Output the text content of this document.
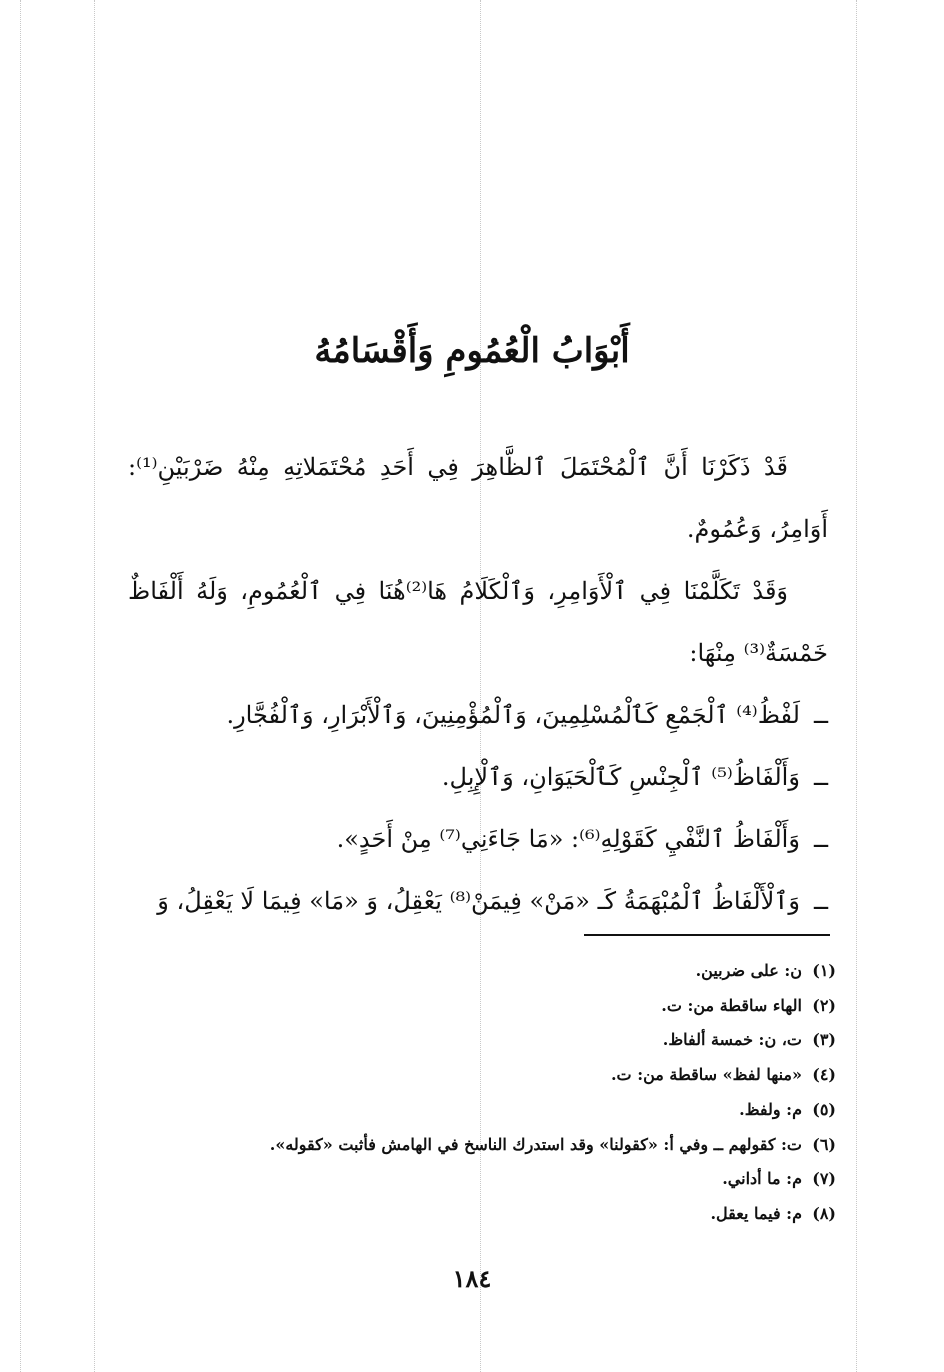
أَبْوَابُ الْعُمُومِ وَأَقْسَامُهُ

قَدْ ذَكَرْنَا أَنَّ ٱلْمُحْتَمَلَ ٱلظَّاهِرَ فِي أَحَدِ مُحْتَمَلاتِهِ مِنْهُ ضَرْبَيْنِ⁽¹⁾: أَوَامِرُ، وَعُمُومٌ.

وَقَدْ تَكَلَّمْنَا فِي ٱلْأَوَامِرِ، وَٱلْكَلَامُ هَا⁽²⁾هُنَا فِي ٱلْعُمُومِ، وَلَهُ أَلْفَاظٌ خَمْسَةٌ⁽³⁾ مِنْهَا:

ــلَفْظُ⁽⁴⁾ ٱلْجَمْعِ كَٱلْمُسْلِمِينَ، وَٱلْمُؤْمِنِينَ، وَٱلْأَبْرَارِ، وَٱلْفُجَّارِ.
ــوَأَلْفَاظُ⁽⁵⁾ ٱلْجِنْسِ كَٱلْحَيَوَانِ، وَٱلْإِبِلِ.
ــوَأَلْفَاظُ ٱلنَّفْيِ كَقَوْلِهِ⁽⁶⁾: «مَا جَاءَنِي⁽⁷⁾ مِنْ أَحَدٍ».
ــوَٱلْأَلْفَاظُ ٱلْمُبْهَمَةُ كَـ «مَنْ» فِيمَنْ⁽⁸⁾ يَعْقِلُ، وَ «مَا» فِيمَا لَا يَعْقِلُ، وَ
(١)ن: على ضربين.
(٢)الهاء ساقطة من: ت.
(٣)ت، ن: خمسة ألفاظ.
(٤)«منها لفظ» ساقطة من: ت.
(٥)م: ولفظ.
(٦)ت: كقولهم ــ وفي أ: «كقولنا» وقد استدرك الناسخ في الهامش فأثبت «كقوله».
(٧)م: ما أداني.
(٨)م: فيما يعقل.
١٨٤
